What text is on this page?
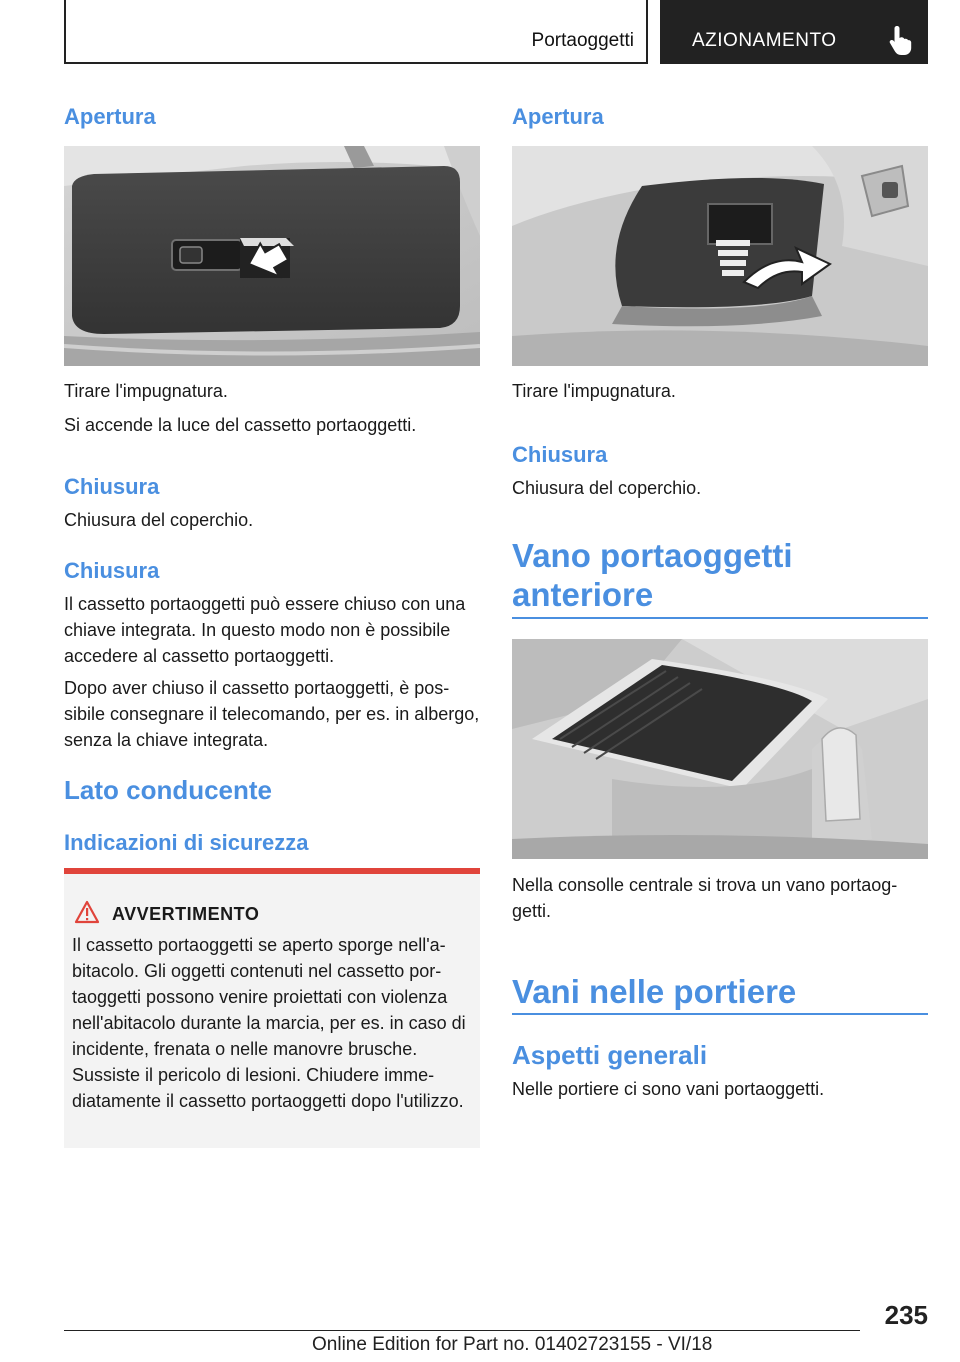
Portaoggetti	AZIONAMENTO
Apertura

Tirare l'impugnatura.

Si accende la luce del cassetto portaoggetti.

Chiusura

Chiusura del coperchio.

Chiusura

Il cassetto portaoggetti può essere chiuso con una chiave integrata. In questo modo non è possibile accedere al cassetto portaoggetti.

Dopo aver chiuso il cassetto portaoggetti, è possibile consegnare il telecomando, per es. in albergo, senza la chiave integrata.

Lato conducente
Indicazioni di sicurezza
AVVERTIMENTO

Il cassetto portaoggetti se aperto sporge nell'abitacolo. Gli oggetti contenuti nel cassetto portaoggetti possono venire proiettati con violenza nell'abitacolo durante la marcia, per es. in caso di incidente, frenata o nelle manovre brusche. Sussiste il pericolo di lesioni. Chiudere immediatamente il cassetto portaoggetti dopo l'utilizzo.

Apertura

Tirare l'impugnatura.

Chiusura

Chiusura del coperchio.

Vano portaoggetti anteriore

Nella consolle centrale si trova un vano portaoggetti.

Vani nelle portiere
Aspetti generali

Nelle portiere ci sono vani portaoggetti.

235
Online Edition for Part no. 01402723155 - VI/18
